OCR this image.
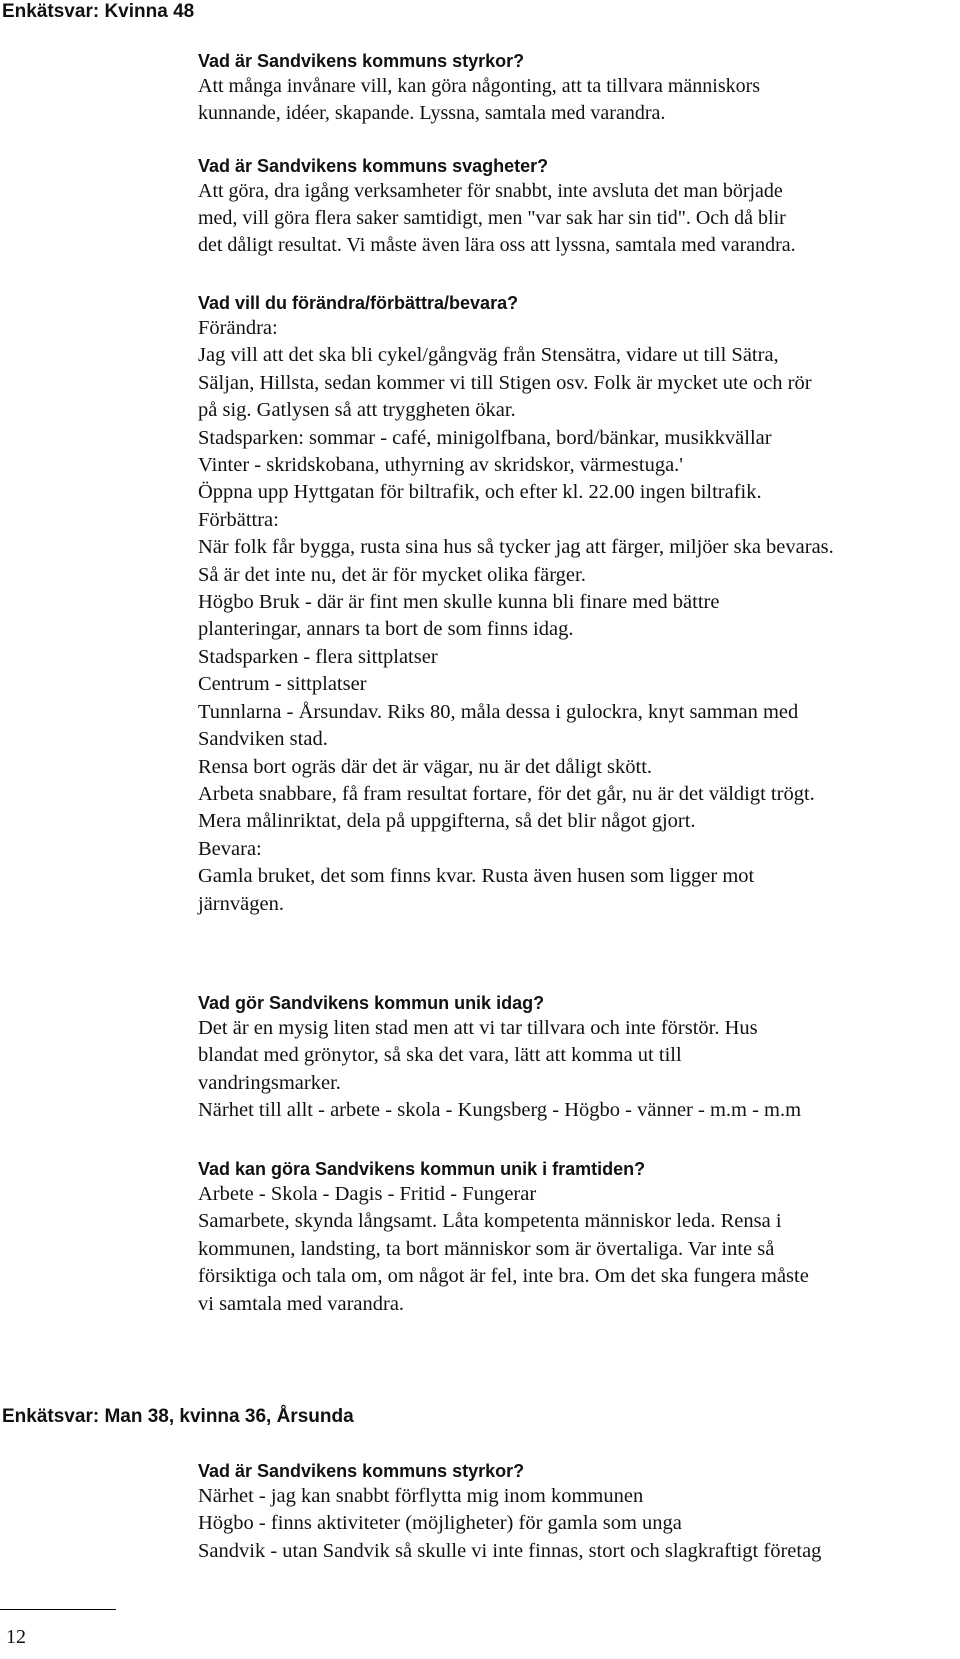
Enkätsvar: Kvinna 48

Vad är Sandvikens kommuns styrkor?

Att många invånare vill, kan göra någonting, att ta tillvara människors
kunnande, idéer, skapande. Lyssna, samtala med varandra.

Vad är Sandvikens kommuns svagheter?

Att göra, dra igång verksamheter för snabbt, inte avsluta det man började
med, vill göra flera saker samtidigt, men "var sak har sin tid". Och då blir
det dåligt resultat. Vi måste även lära oss att lyssna, samtala med varandra.

Vad vill du förändra/förbättra/bevara?

Förändra:
Jag vill att det ska bli cykel/gångväg från Stensätra, vidare ut till Sätra,
Säljan, Hillsta, sedan kommer vi till Stigen osv. Folk är mycket ute och rör
på sig. Gatlysen så att tryggheten ökar.
Stadsparken: sommar - café, minigolfbana, bord/bänkar, musikkvällar
Vinter - skridskobana, uthyrning av skridskor, värmestuga.'
Öppna upp Hyttgatan för biltrafik, och efter kl. 22.00 ingen biltrafik.
Förbättra:
När folk får bygga, rusta sina hus så tycker jag att färger, miljöer ska bevaras.
Så är det inte nu, det är för mycket olika färger.
Högbo Bruk - där är fint men skulle kunna bli finare med bättre
planteringar, annars ta bort de som finns idag.
Stadsparken - flera sittplatser
Centrum - sittplatser
Tunnlarna - Årsundav. Riks 80, måla dessa i gulockra, knyt samman med
Sandviken stad.
Rensa bort ogräs där det är vägar, nu är det dåligt skött.
Arbeta snabbare, få fram resultat fortare, för det går, nu är det väldigt trögt.
Mera målinriktat, dela på uppgifterna, så det blir något gjort.
Bevara:
Gamla bruket, det som finns kvar. Rusta även husen som ligger mot
järnvägen.

Vad gör Sandvikens kommun unik idag?

Det är en mysig liten stad men att vi tar tillvara och inte förstör. Hus
blandat med grönytor, så ska det vara, lätt att komma ut till
vandringsmarker.
Närhet till allt - arbete - skola - Kungsberg - Högbo - vänner - m.m - m.m

Vad kan göra Sandvikens kommun unik i framtiden?

Arbete - Skola - Dagis - Fritid - Fungerar
Samarbete, skynda långsamt. Låta kompetenta människor leda. Rensa i
kommunen, landsting, ta bort människor som är övertaliga. Var inte så
försiktiga och tala om, om något är fel, inte bra. Om det ska fungera måste
vi samtala med varandra.

Enkätsvar: Man 38, kvinna 36, Årsunda

Vad är Sandvikens kommuns styrkor?

Närhet - jag kan snabbt förflytta mig inom kommunen
Högbo - finns aktiviteter (möjligheter) för gamla som unga
Sandvik - utan Sandvik så skulle vi inte finnas, stort och slagkraftigt företag

12
